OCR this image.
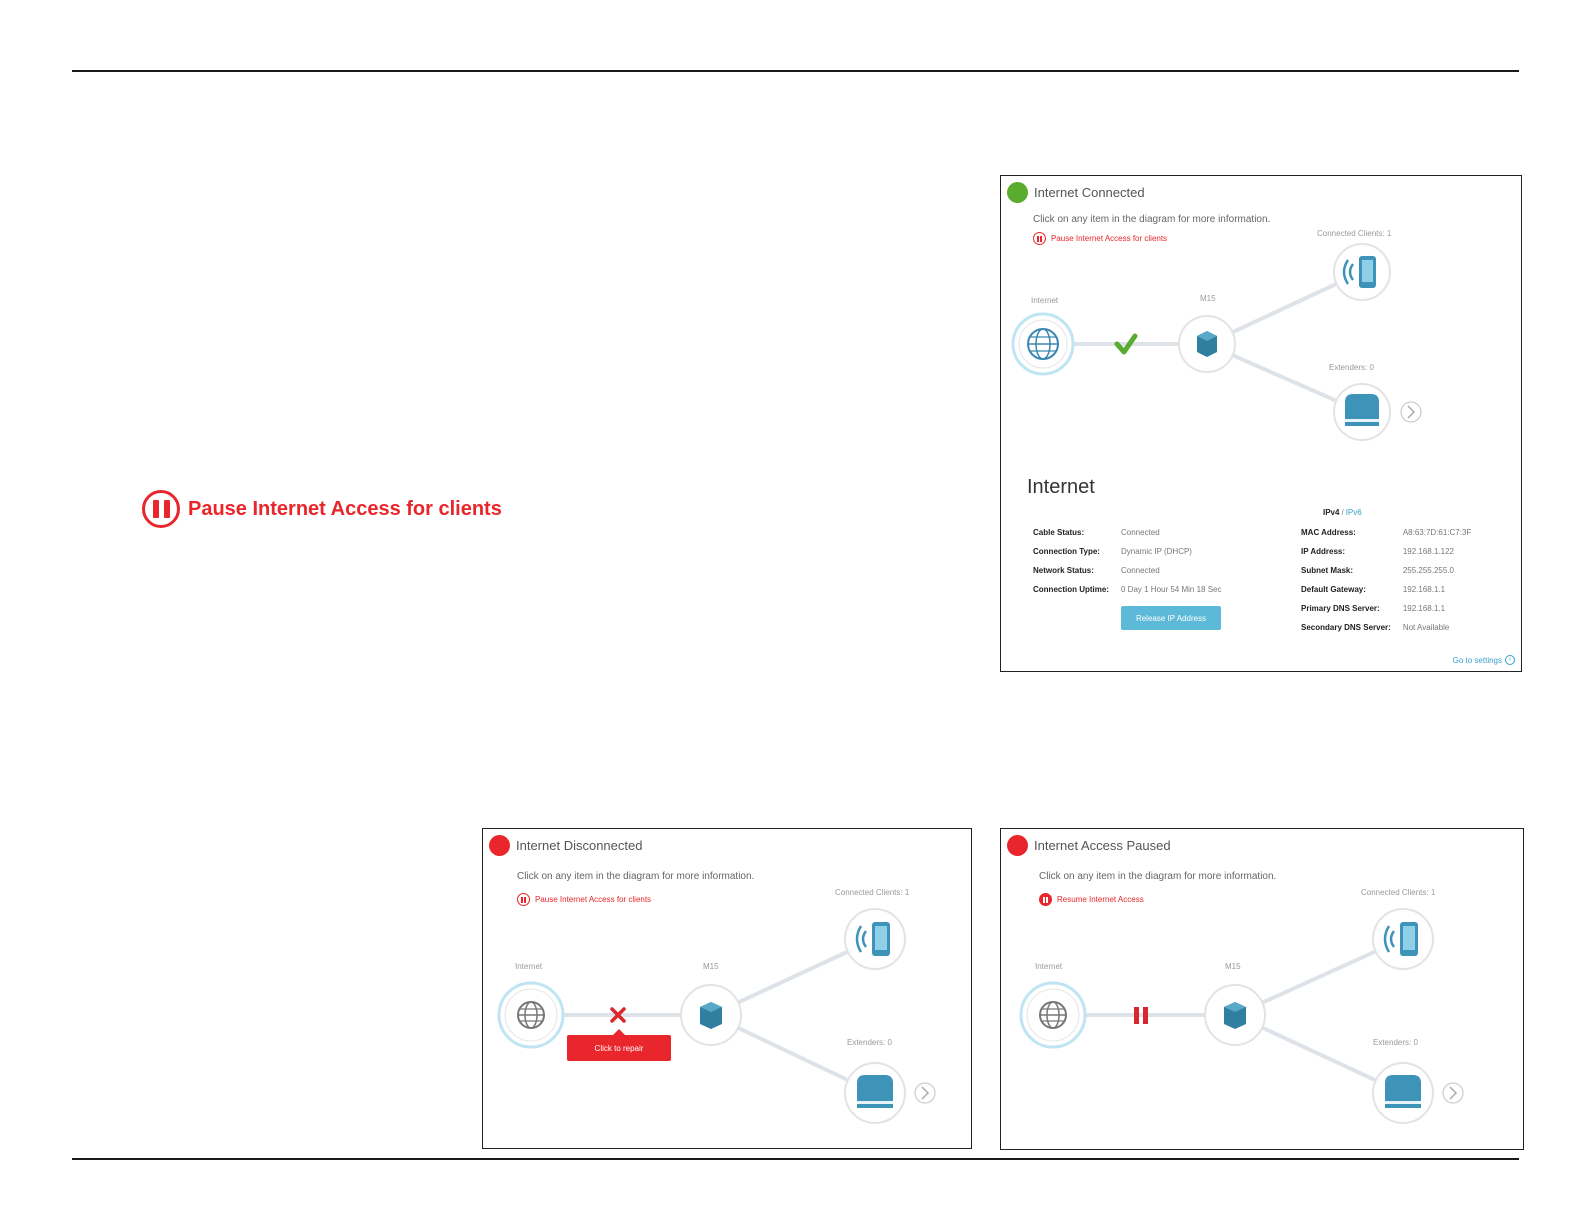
Pause Internet Access for clients
Internet Connected
Click on any item in the diagram for more information.
Pause Internet Access for clients
Internet	M15
Connected Clients: 1
Extenders: 0
Internet
IPv4 / IPv6
Cable Status:	Connected
Connection Type:	Dynamic IP (DHCP)
Network Status:	Connected
Connection Uptime:	0 Day 1 Hour 54 Min 18 Sec
MAC Address:	A8:63:7D:61:C7:3F
IP Address:	192.168.1.122
Subnet Mask:	255.255.255.0
Default Gateway:	192.168.1.1
Primary DNS Server:	192.168.1.1
Secondary DNS Server:	Not Available
Release IP Address
Go to settings ›
Internet Disconnected
Click on any item in the diagram for more information.
Pause Internet Access for clients
Internet	M15
Connected Clients: 1
Extenders: 0
Click to repair
Internet Access Paused
Click on any item in the diagram for more information.
Resume Internet Access
Internet	M15
Connected Clients: 1
Extenders: 0
